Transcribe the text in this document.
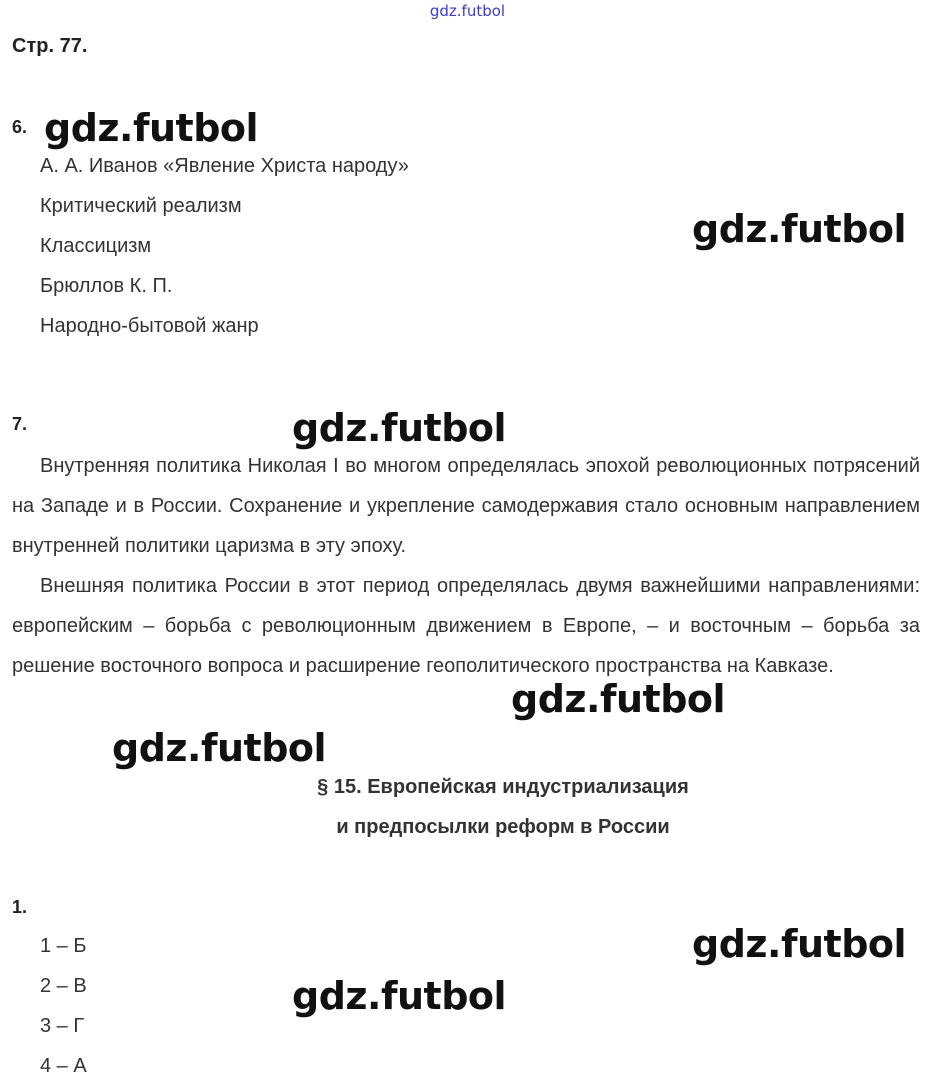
gdz.futbol
Стр. 77.
6. gdz.futbol
А. А. Иванов «Явление Христа народу»
Критический реализм
Классицизм
Брюллов К. П.
Народно-бытовой жанр
gdz.futbol
7.	gdz.futbol

Внутренняя политика Николая I во многом определялась эпохой революционных потрясений на Западе и в России. Сохранение и укрепление самодержавия стало основным направлением внутренней политики царизма в эту эпоху.

Внешняя политика России в этот период определялась двумя важнейшими направлениями: европейским – борьба с революционным движением в Европе, – и восточным – борьба за решение восточного вопроса и расширение геополитического пространства на Кавказе.

gdz.futbol
gdz.futbol
§ 15. Европейская индустриализация
и предпосылки реформ в России
1.
1 – Б
2 – В
3 – Г
4 – А
gdz.futbol
gdz.futbol
